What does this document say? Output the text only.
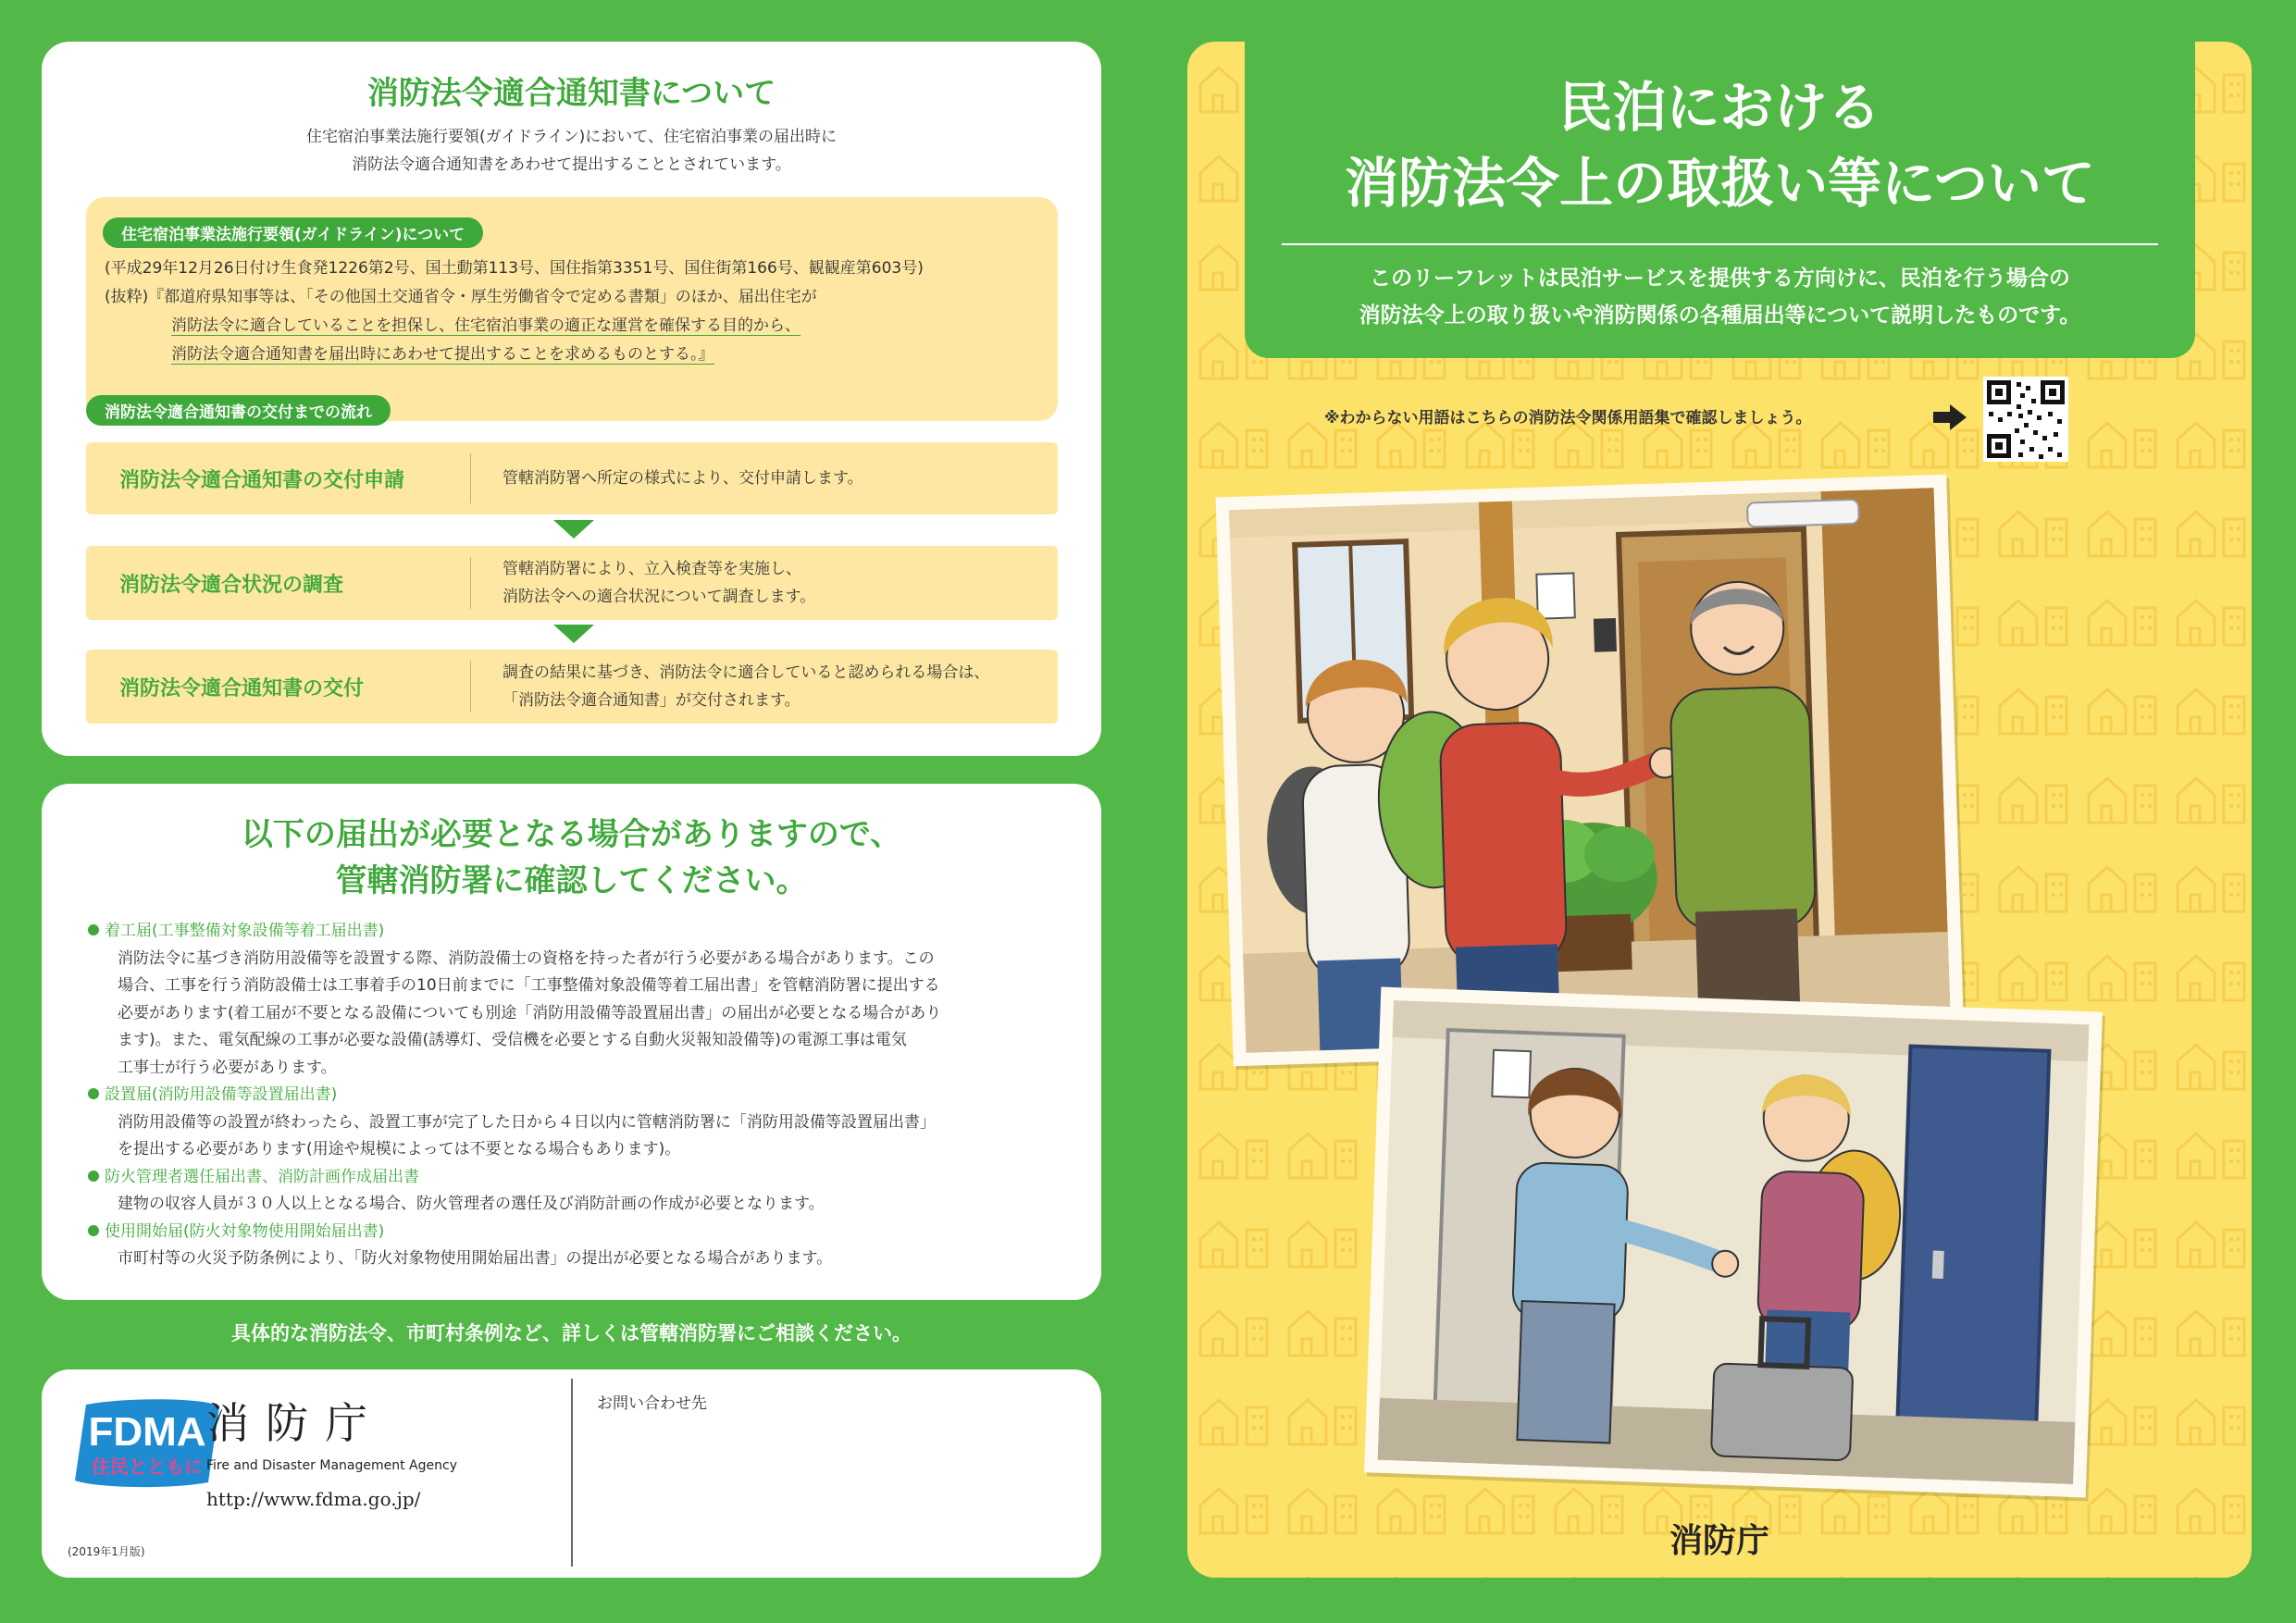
消防法令適合通知書について
住宅宿泊事業法施行要領(ガイドライン)において、住宅宿泊事業の届出時に
消防法令適合通知書をあわせて提出することとされています。
住宅宿泊事業法施行要領(ガイドライン)について
(平成29年12月26日付け生食発1226第2号、国土動第113号、国住指第3351号、国住街第166号、観観産第603号)
(抜粋)『都道府県知事等は、「その他国土交通省令・厚生労働省令で定める書類」のほか、届出住宅が
消防法令に適合していることを担保し、住宅宿泊事業の適正な運営を確保する目的から、
消防法令適合通知書を届出時にあわせて提出することを求めるものとする。』
消防法令適合通知書の交付までの流れ
消防法令適合通知書の交付申請	管轄消防署へ所定の様式により、交付申請します。
消防法令適合状況の調査
管轄消防署により、立入検査等を実施し、
消防法令への適合状況について調査します。
消防法令適合通知書の交付
調査の結果に基づき、消防法令に適合していると認められる場合は、
「消防法令適合通知書」が交付されます。
以下の届出が必要となる場合がありますので、
管轄消防署に確認してください。
着工届(工事整備対象設備等着工届出書)
消防法令に基づき消防用設備等を設置する際、消防設備士の資格を持った者が行う必要がある場合があります。この
場合、工事を行う消防設備士は工事着手の10日前までに「工事整備対象設備等着工届出書」を管轄消防署に提出する
必要があります(着工届が不要となる設備についても別途「消防用設備等設置届出書」の届出が必要となる場合があり
ます)。また、電気配線の工事が必要な設備(誘導灯、受信機を必要とする自動火災報知設備等)の電源工事は電気
工事士が行う必要があります。
設置届(消防用設備等設置届出書)
消防用設備等の設置が終わったら、設置工事が完了した日から４日以内に管轄消防署に「消防用設備等設置届出書」
を提出する必要があります(用途や規模によっては不要となる場合もあります)。
防火管理者選任届出書、消防計画作成届出書
建物の収容人員が３０人以上となる場合、防火管理者の選任及び消防計画の作成が必要となります。
使用開始届(防火対象物使用開始届出書)
市町村等の火災予防条例により、「防火対象物使用開始届出書」の提出が必要となる場合があります。
具体的な消防法令、市町村条例など、詳しくは管轄消防署にご相談ください。
FDMA
住民とともに
消防庁
Fire and Disaster Management Agency
http://www.fdma.go.jp/
(2019年1月版)
お問い合わせ先
民泊における
消防法令上の取扱い等について
このリーフレットは民泊サービスを提供する方向けに、民泊を行う場合の
消防法令上の取り扱いや消防関係の各種届出等について説明したものです。
※わからない用語はこちらの消防法令関係用語集で確認しましょう。
消防庁
